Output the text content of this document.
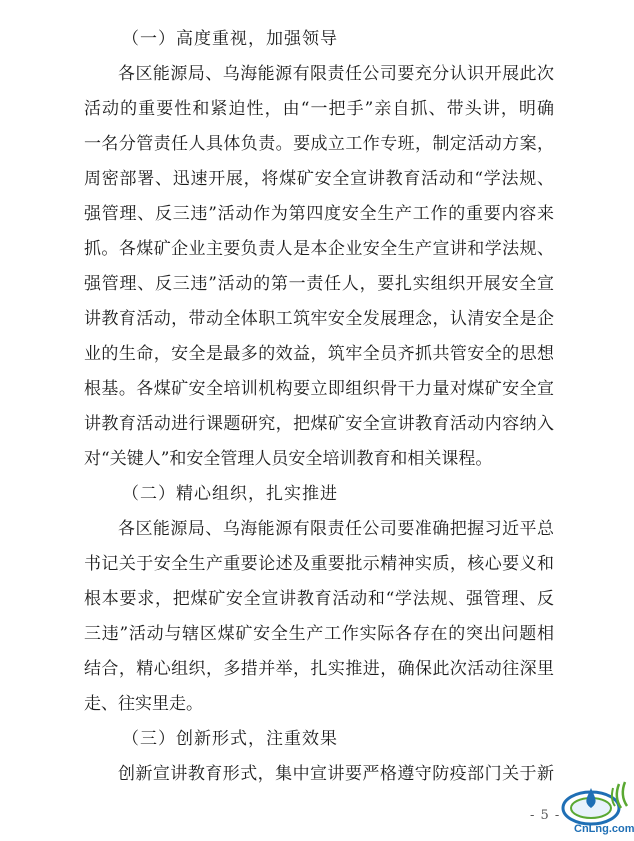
（一）高度重视，加强领导
各区能源局、乌海能源有限责任公司要充分认识开展此次
活动的重要性和紧迫性，由“一把手”亲自抓、带头讲，明确
一名分管责任人具体负责。要成立工作专班，制定活动方案，
周密部署、迅速开展，将煤矿安全宣讲教育活动和“学法规、
强管理、反三违”活动作为第四度安全生产工作的重要内容来
抓。各煤矿企业主要负责人是本企业安全生产宣讲和学法规、
强管理、反三违”活动的第一责任人，要扎实组织开展安全宣
讲教育活动，带动全体职工筑牢安全发展理念，认清安全是企
业的生命，安全是最多的效益，筑牢全员齐抓共管安全的思想
根基。各煤矿安全培训机构要立即组织骨干力量对煤矿安全宣
讲教育活动进行课题研究，把煤矿安全宣讲教育活动内容纳入
对“关键人”和安全管理人员安全培训教育和相关课程。
（二）精心组织，扎实推进
各区能源局、乌海能源有限责任公司要准确把握习近平总
书记关于安全生产重要论述及重要批示精神实质，核心要义和
根本要求，把煤矿安全宣讲教育活动和“学法规、强管理、反
三违”活动与辖区煤矿安全生产工作实际各存在的突出问题相
结合，精心组织，多措并举，扎实推进，确保此次活动往深里
走、往实里走。
（三）创新形式，注重效果
创新宣讲教育形式，集中宣讲要严格遵守防疫部门关于新
- 5 -
CnLng.com
